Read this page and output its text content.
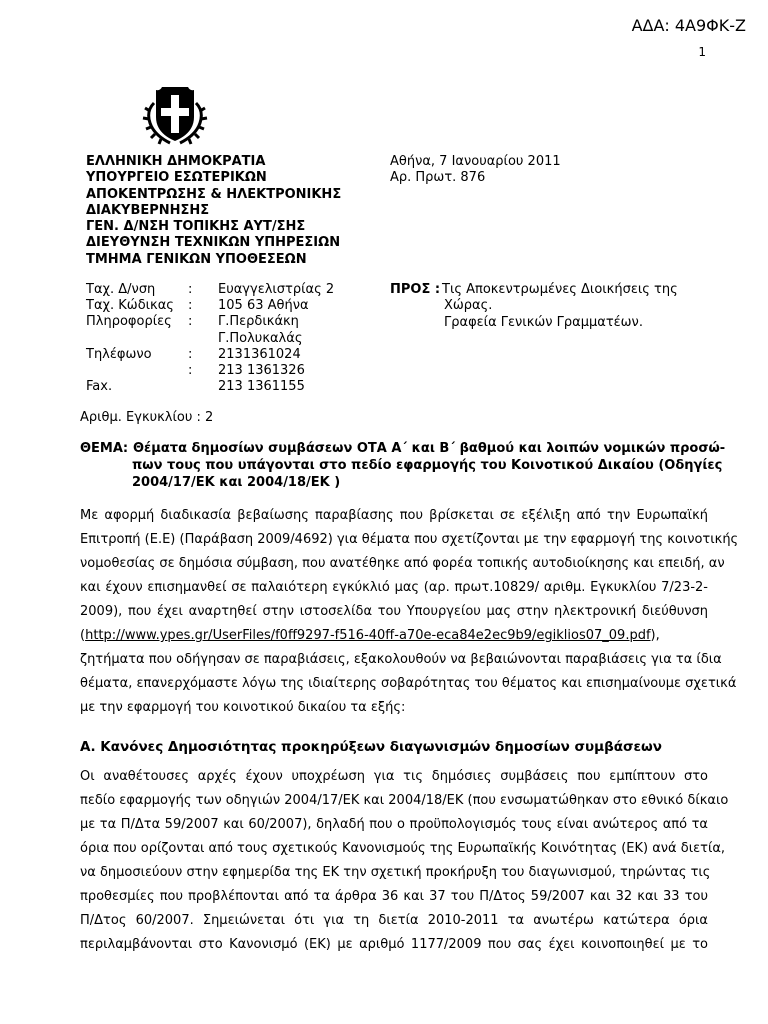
ΑΔΑ: 4Α9ΦΚ-Ζ
1
ΕΛΛΗΝΙΚΗ ΔΗΜΟΚΡΑΤΙΑ
ΥΠΟΥΡΓΕΙΟ ΕΣΩΤΕΡΙΚΩΝ
ΑΠΟΚΕΝΤΡΩΣΗΣ & ΗΛΕΚΤΡΟΝΙΚΗΣ
ΔΙΑΚΥΒΕΡΝΗΣΗΣ
ΓΕΝ. Δ/ΝΣΗ ΤΟΠΙΚΗΣ ΑΥΤ/ΣΗΣ
ΔΙΕΥΘΥΝΣΗ ΤΕΧΝΙΚΩΝ ΥΠΗΡΕΣΙΩΝ
ΤΜΗΜΑ ΓΕΝΙΚΩΝ ΥΠΟΘΕΣΕΩΝ
Αθήνα, 7 Ιανουαρίου 2011
Αρ. Πρωτ. 876
Ταχ. Δ/νση	: Ευαγγελιστρίας 2
Ταχ. Κώδικας : 105 63 Αθήνα
Πληροφορίες : Γ.Περδικάκη
Γ.Πολυκαλάς
Τηλέφωνο	: 2131361024
: 213 1361326
Fax.	213 1361155
ΠΡΟΣ : Τις Αποκεντρωμένες Διοικήσεις της
Χώρας.
Γραφεία Γενικών Γραμματέων.
Αριθμ. Εγκυκλίου : 2
ΘΕΜΑ: Θέματα δημοσίων συμβάσεων ΟΤΑ Α΄ και Β΄ βαθμού και λοιπών νομικών προσώ-
πων τους που υπάγονται στο πεδίο εφαρμογής του Κοινοτικού Δικαίου (Οδηγίες
2004/17/ΕΚ και 2004/18/ΕΚ )
Με αφορμή διαδικασία βεβαίωσης παραβίασης που βρίσκεται σε εξέλιξη από την Ευρωπαϊκή
Επιτροπή (Ε.Ε) (Παράβαση 2009/4692) για θέματα που σχετίζονται με την εφαρμογή της κοινοτικής
νομοθεσίας σε δημόσια σύμβαση, που ανατέθηκε από φορέα τοπικής αυτοδιοίκησης και επειδή, αν
και έχουν επισημανθεί σε παλαιότερη εγκύκλιό μας (αρ. πρωτ.10829/ αριθμ. Εγκυκλίου 7/23-2-
2009), που έχει αναρτηθεί στην ιστοσελίδα του Υπουργείου μας στην ηλεκτρονική διεύθυνση
(http://www.ypes.gr/UserFiles/f0ff9297-f516-40ff-a70e-eca84e2ec9b9/egiklios07_09.pdf),
ζητήματα που οδήγησαν σε παραβιάσεις, εξακολουθούν να βεβαιώνονται παραβιάσεις για τα ίδια
θέματα, επανερχόμαστε λόγω της ιδιαίτερης σοβαρότητας του θέματος και επισημαίνουμε σχετικά
με την εφαρμογή του κοινοτικού δικαίου τα εξής:
Α. Κανόνες Δημοσιότητας προκηρύξεων διαγωνισμών δημοσίων συμβάσεων
Οι αναθέτουσες αρχές έχουν υποχρέωση για τις δημόσιες συμβάσεις που εμπίπτουν στο
πεδίο εφαρμογής των οδηγιών 2004/17/ΕΚ και 2004/18/ΕΚ (που ενσωματώθηκαν στο εθνικό δίκαιο
με τα Π/Δτα 59/2007 και 60/2007), δηλαδή που ο προϋπολογισμός τους είναι ανώτερος από τα
όρια που ορίζονται από τους σχετικούς Κανονισμούς της Ευρωπαϊκής Κοινότητας (ΕΚ) ανά διετία,
να δημοσιεύουν στην εφημερίδα της ΕΚ την σχετική προκήρυξη του διαγωνισμού, τηρώντας τις
προθεσμίες που προβλέπονται από τα άρθρα 36 και 37 του Π/Δτος 59/2007 και 32 και 33 του
Π/Δτος 60/2007. Σημειώνεται ότι για τη διετία 2010-2011 τα ανωτέρω κατώτερα όρια
περιλαμβάνονται στο Κανονισμό (ΕΚ) με αριθμό 1177/2009 που σας έχει κοινοποιηθεί με το
